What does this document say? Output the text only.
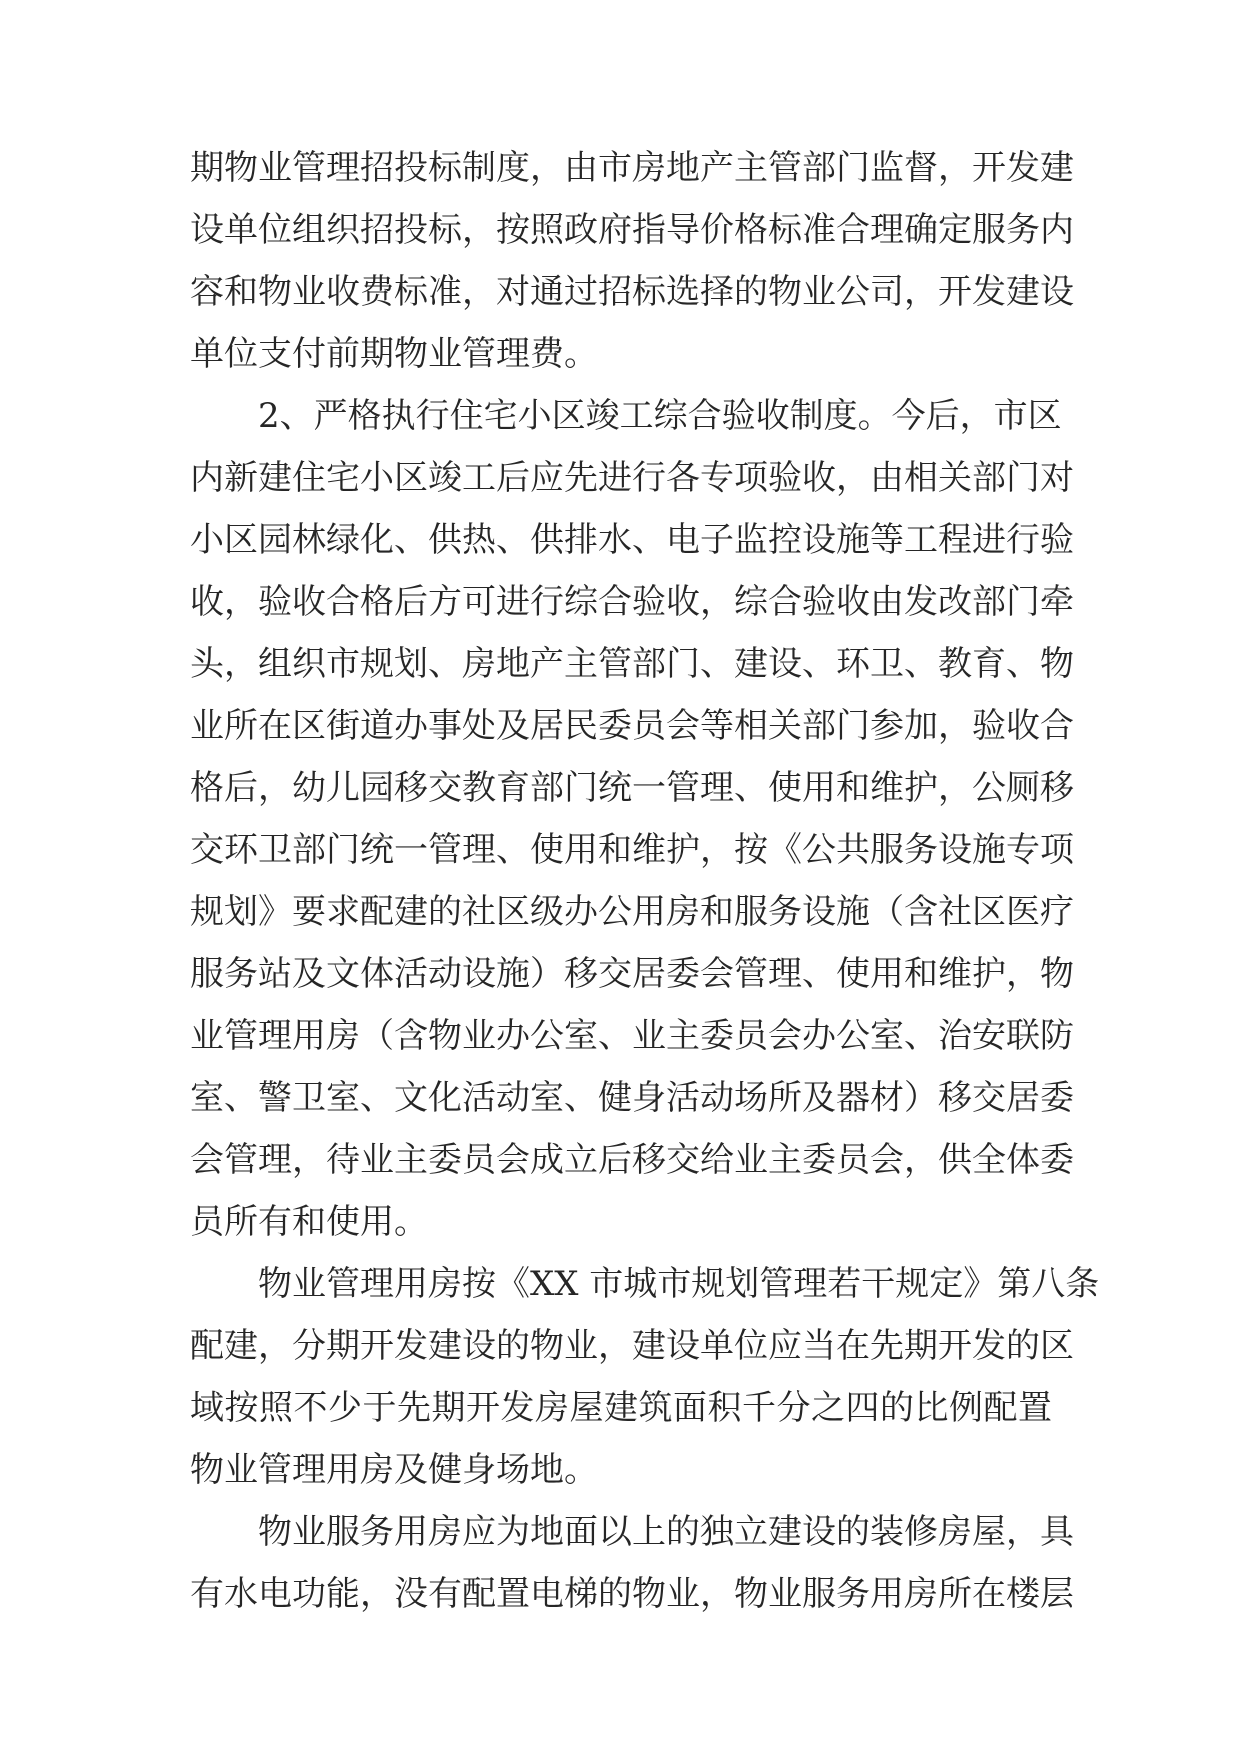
期物业管理招投标制度，由市房地产主管部门监督，开发建
设单位组织招投标，按照政府指导价格标准合理确定服务内
容和物业收费标准，对通过招标选择的物业公司，开发建设
单位支付前期物业管理费。
2、严格执行住宅小区竣工综合验收制度。今后，市区
内新建住宅小区竣工后应先进行各专项验收，由相关部门对
小区园林绿化、供热、供排水、电子监控设施等工程进行验
收，验收合格后方可进行综合验收，综合验收由发改部门牵
头，组织市规划、房地产主管部门、建设、环卫、教育、物
业所在区街道办事处及居民委员会等相关部门参加，验收合
格后，幼儿园移交教育部门统一管理、使用和维护，公厕移
交环卫部门统一管理、使用和维护，按《公共服务设施专项
规划》要求配建的社区级办公用房和服务设施（含社区医疗
服务站及文体活动设施）移交居委会管理、使用和维护，物
业管理用房（含物业办公室、业主委员会办公室、治安联防
室、警卫室、文化活动室、健身活动场所及器材）移交居委
会管理，待业主委员会成立后移交给业主委员会，供全体委
员所有和使用。
物业管理用房按《XX 市城市规划管理若干规定》第八条
配建，分期开发建设的物业，建设单位应当在先期开发的区
域按照不少于先期开发房屋建筑面积千分之四的比例配置
物业管理用房及健身场地。
物业服务用房应为地面以上的独立建设的装修房屋，具
有水电功能，没有配置电梯的物业，物业服务用房所在楼层
